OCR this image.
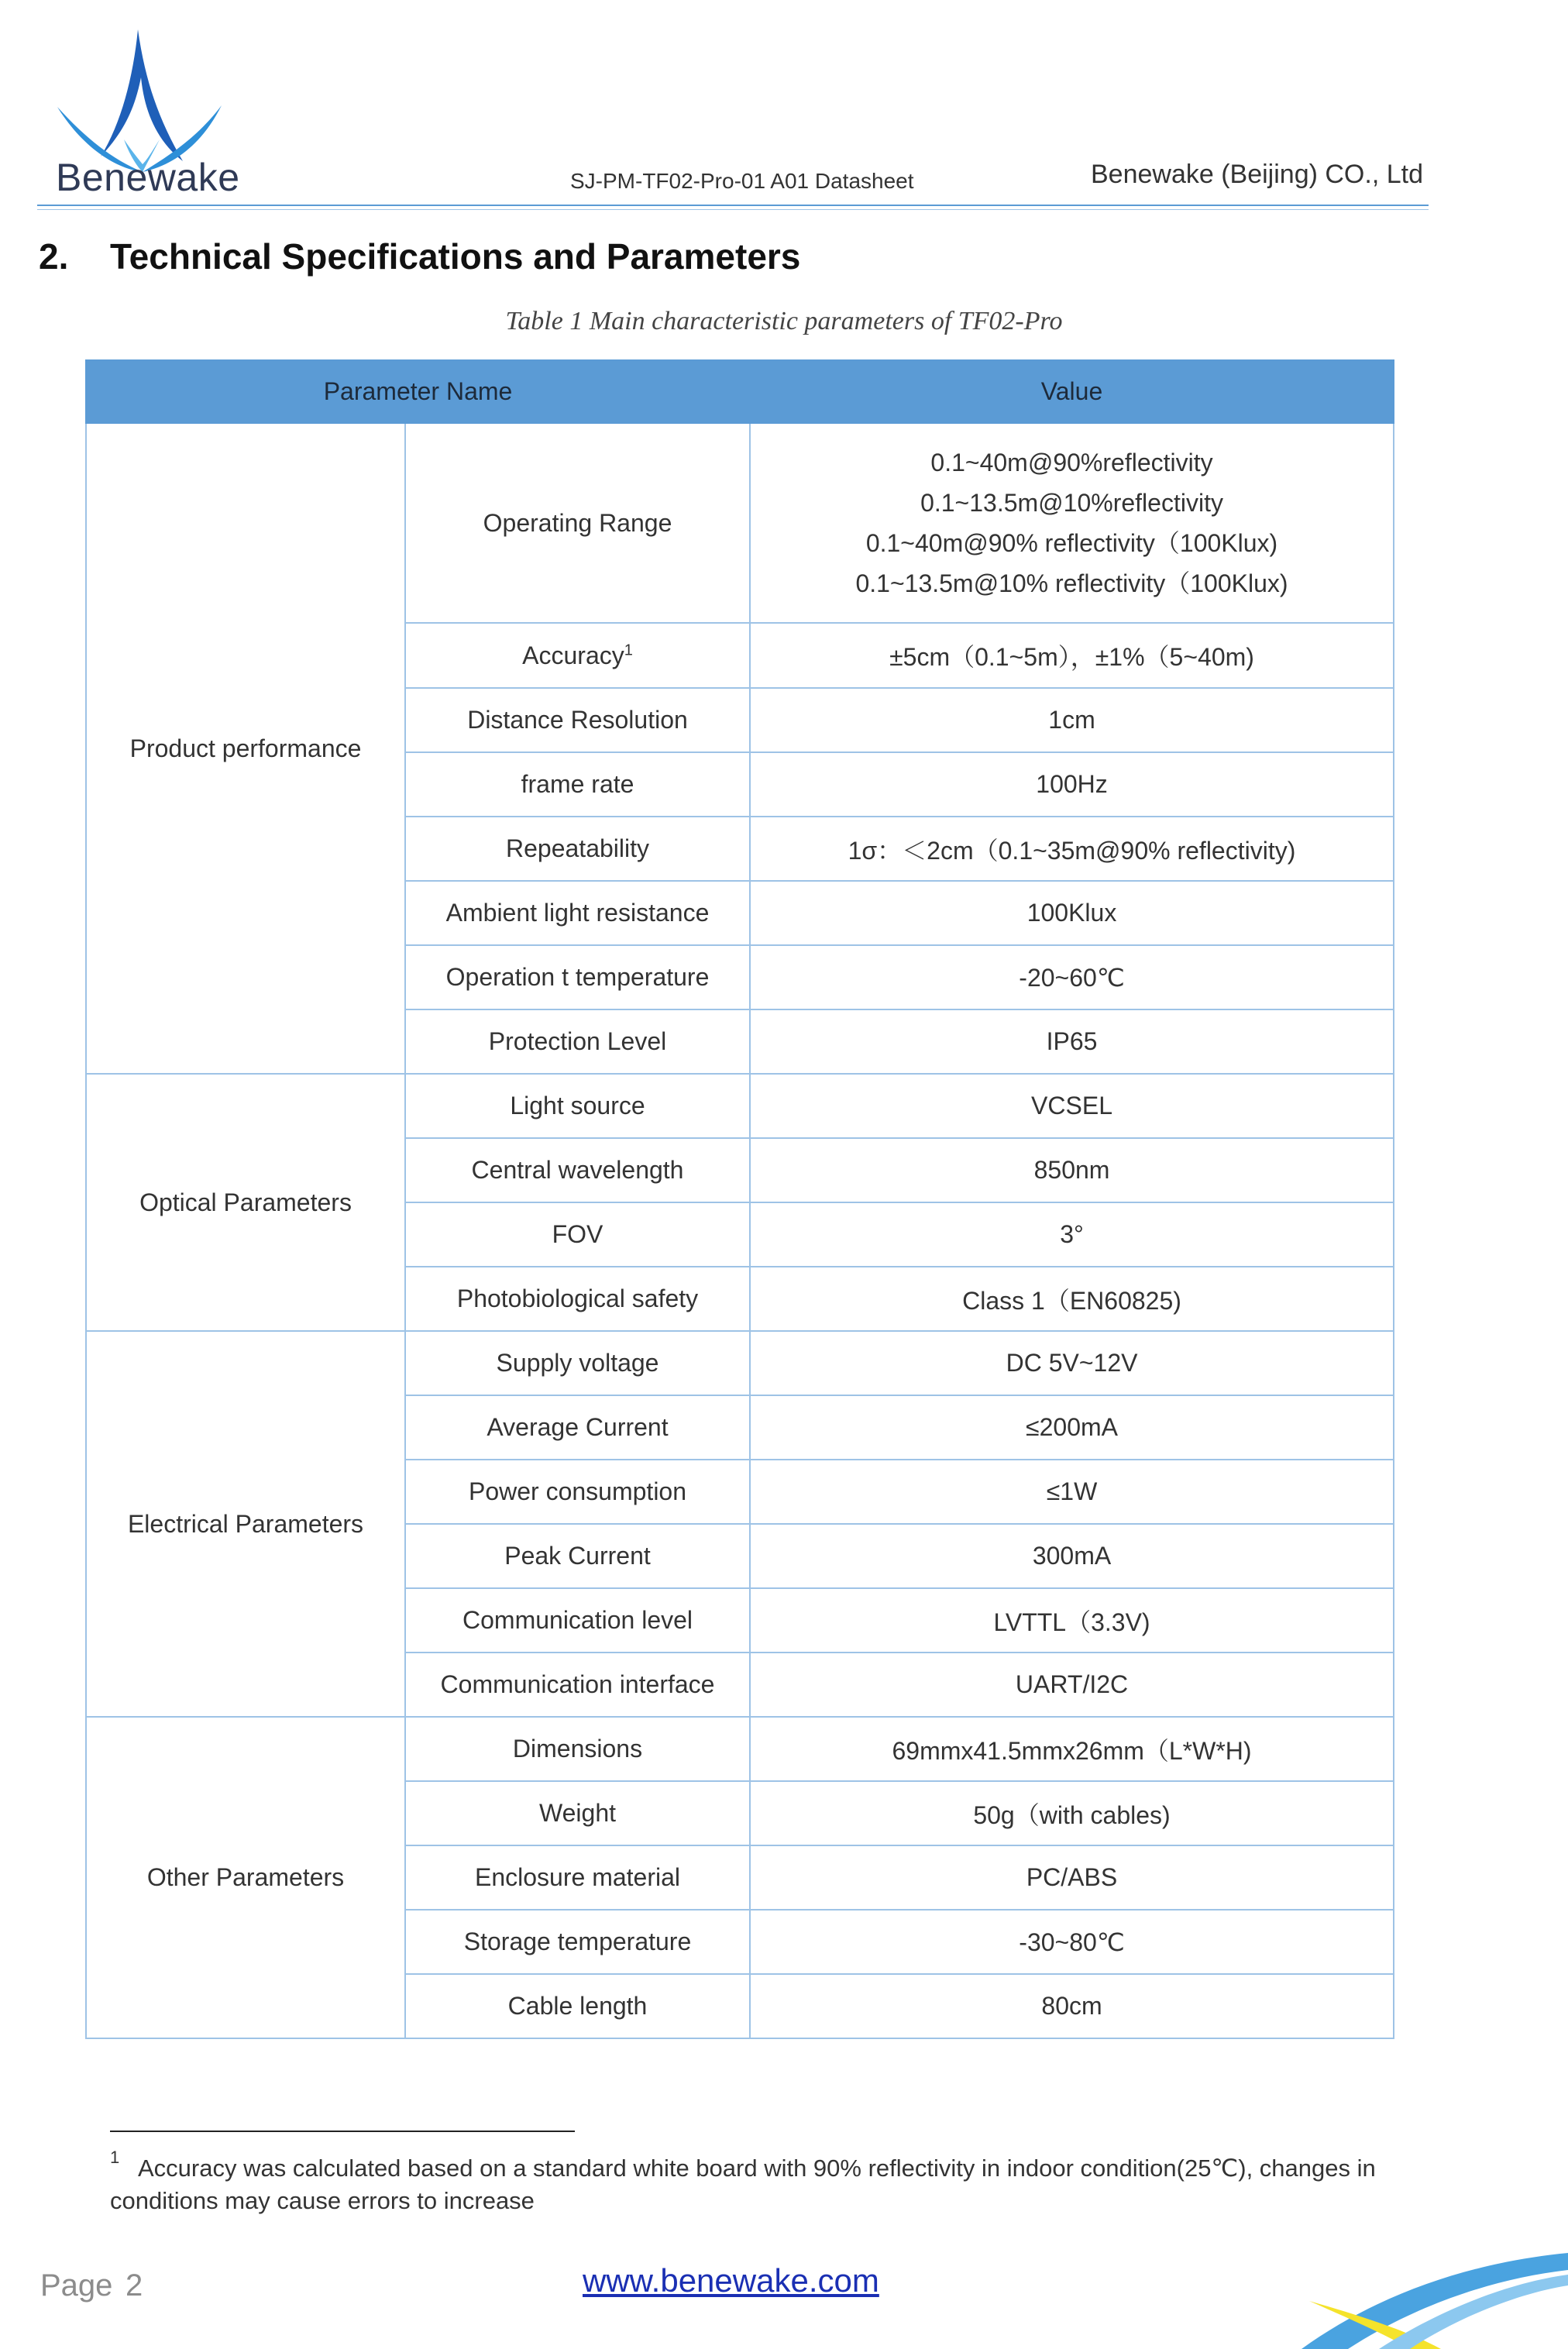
Benewake	SJ-PM-TF02-Pro-01 A01 Datasheet	Benewake (Beijing) CO., Ltd
2. Technical Specifications and Parameters
Table 1 Main characteristic parameters of TF02-Pro
Parameter Name		Value
Product performance	Operating Range	0.1~40m@90%reflectivity
0.1~13.5m@10%reflectivity
0.1~40m@90% reflectivity（100Klux)
0.1~13.5m@10% reflectivity（100Klux)

	Accuracy$^1$	±5cm（0.1~5m），±1%（5~40m)
	Distance Resolution	1cm
	frame rate	100Hz
	Repeatability	1σ：＜2cm（0.1~35m@90% reflectivity)
	Ambient light resistance	100Klux
	Operation t temperature	-20~60℃
	Protection Level	IP65
Optical Parameters	Light source	VCSEL
	Central wavelength	850nm
	FOV	3°
	Photobiological safety	Class 1（EN60825)
Electrical Parameters	Supply voltage	DC 5V~12V
	Average Current	≤200mA
	Power consumption	≤1W
	Peak Current	300mA
	Communication level	LVTTL（3.3V)
	Communication interface	UART/I2C
Other Parameters	Dimensions	69mmx41.5mmx26mm（L*W*H)
	Weight	50g（with cables)
	Enclosure material	PC/ABS
	Storage temperature	-30~80℃
	Cable length	80cm
1 Accuracy was calculated based on a standard white board with 90% reflectivity in indoor condition(25℃), changes in conditions may cause errors to increase
Page 2	www.benewake.com
